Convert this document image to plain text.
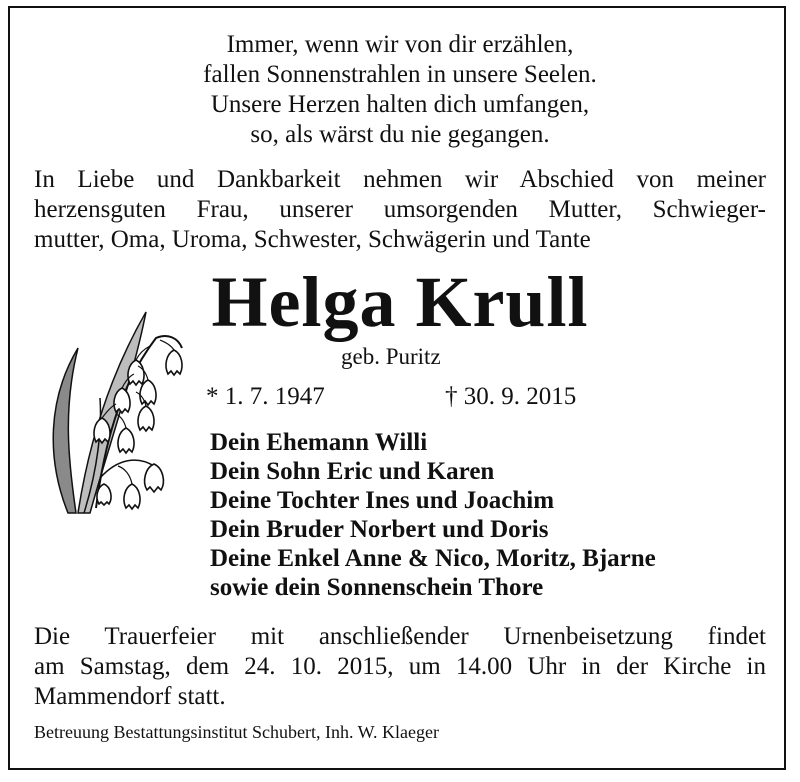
Immer, wenn wir von dir erzählen,
fallen Sonnenstrahlen in unsere Seelen.
Unsere Herzen halten dich umfangen,
so, als wärst du nie gegangen.
In Liebe und Dankbarkeit nehmen wir Abschied von meiner
herzensguten Frau, unserer umsorgenden Mutter, Schwieger-
mutter, Oma, Uroma, Schwester, Schwägerin und Tante
Helga Krull
geb. Puritz
* 1. 7. 1947	† 30. 9. 2015
Dein Ehemann Willi
Dein Sohn Eric und Karen
Deine Tochter Ines und Joachim
Dein Bruder Norbert und Doris
Deine Enkel Anne & Nico, Moritz, Bjarne
sowie dein Sonnenschein Thore
Die Trauerfeier mit anschließender Urnenbeisetzung findet
am Samstag, dem 24. 10. 2015, um 14.00 Uhr in der Kirche in
Mammendorf statt.
Betreuung Bestattungsinstitut Schubert, Inh. W. Klaeger
